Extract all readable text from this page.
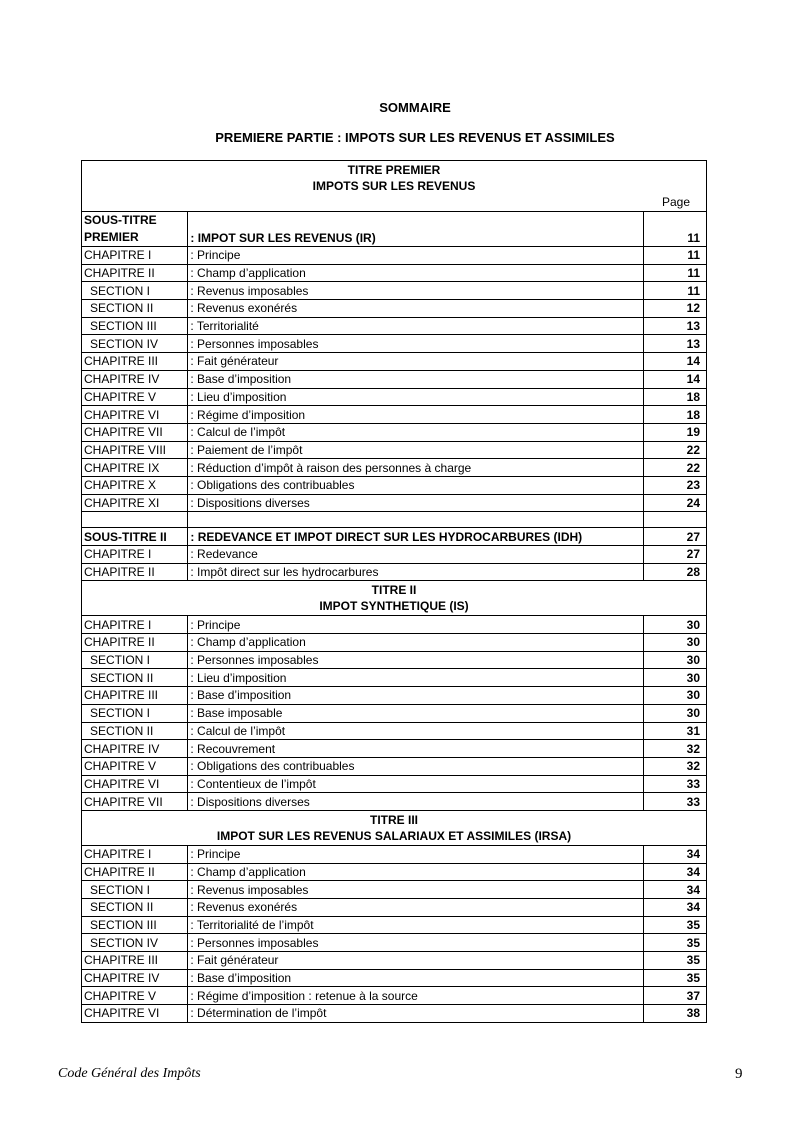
SOMMAIRE
PREMIERE PARTIE : IMPOTS SUR LES REVENUS ET ASSIMILES
TITRE PREMIER
IMPOTS SUR LES REVENUS
Page		

SOUS-TITRE PREMIER	: IMPOT SUR LES REVENUS (IR)	11
CHAPITRE I	: Principe	11
CHAPITRE II	: Champ d’application	11
SECTION I	: Revenus imposables	11
SECTION II	: Revenus exonérés	12
SECTION III	: Territorialité	13
SECTION IV	: Personnes imposables	13
CHAPITRE III	: Fait générateur	14
CHAPITRE IV	: Base d’imposition	14
CHAPITRE V	: Lieu d’imposition	18
CHAPITRE VI	: Régime d’imposition	18
CHAPITRE VII	: Calcul de l’impôt	19
CHAPITRE VIII	: Paiement de l’impôt	22
CHAPITRE IX	: Réduction d’impôt à raison des personnes à charge	22
CHAPITRE X	: Obligations des contribuables	23
CHAPITRE XI	: Dispositions diverses	24

SOUS-TITRE II	: REDEVANCE ET IMPOT DIRECT SUR LES HYDROCARBURES (IDH)	27
CHAPITRE I	: Redevance	27
CHAPITRE II	: Impôt direct sur les hydrocarbures	28

TITRE II
IMPOT SYNTHETIQUE (IS)		

CHAPITRE I	: Principe	30
CHAPITRE II	: Champ d’application	30
SECTION I	: Personnes imposables	30
SECTION II	: Lieu d’imposition	30
CHAPITRE III	: Base d’imposition	30
SECTION I	: Base imposable	30
SECTION II	: Calcul de l’impôt	31
CHAPITRE IV	: Recouvrement	32
CHAPITRE V	: Obligations des contribuables	32
CHAPITRE VI	: Contentieux de l’impôt	33
CHAPITRE VII	: Dispositions diverses	33

TITRE III
IMPOT SUR LES REVENUS SALARIAUX ET ASSIMILES (IRSA)		

CHAPITRE I	: Principe	34
CHAPITRE II	: Champ d’application	34
SECTION I	: Revenus imposables	34
SECTION II	: Revenus exonérés	34
SECTION III	: Territorialité de l’impôt	35
SECTION IV	: Personnes imposables	35
CHAPITRE III	: Fait générateur	35
CHAPITRE IV	: Base d’imposition	35
CHAPITRE V	: Régime d’imposition : retenue à la source	37
CHAPITRE VI	: Détermination de l’impôt	38
Code Général des Impôts	9
